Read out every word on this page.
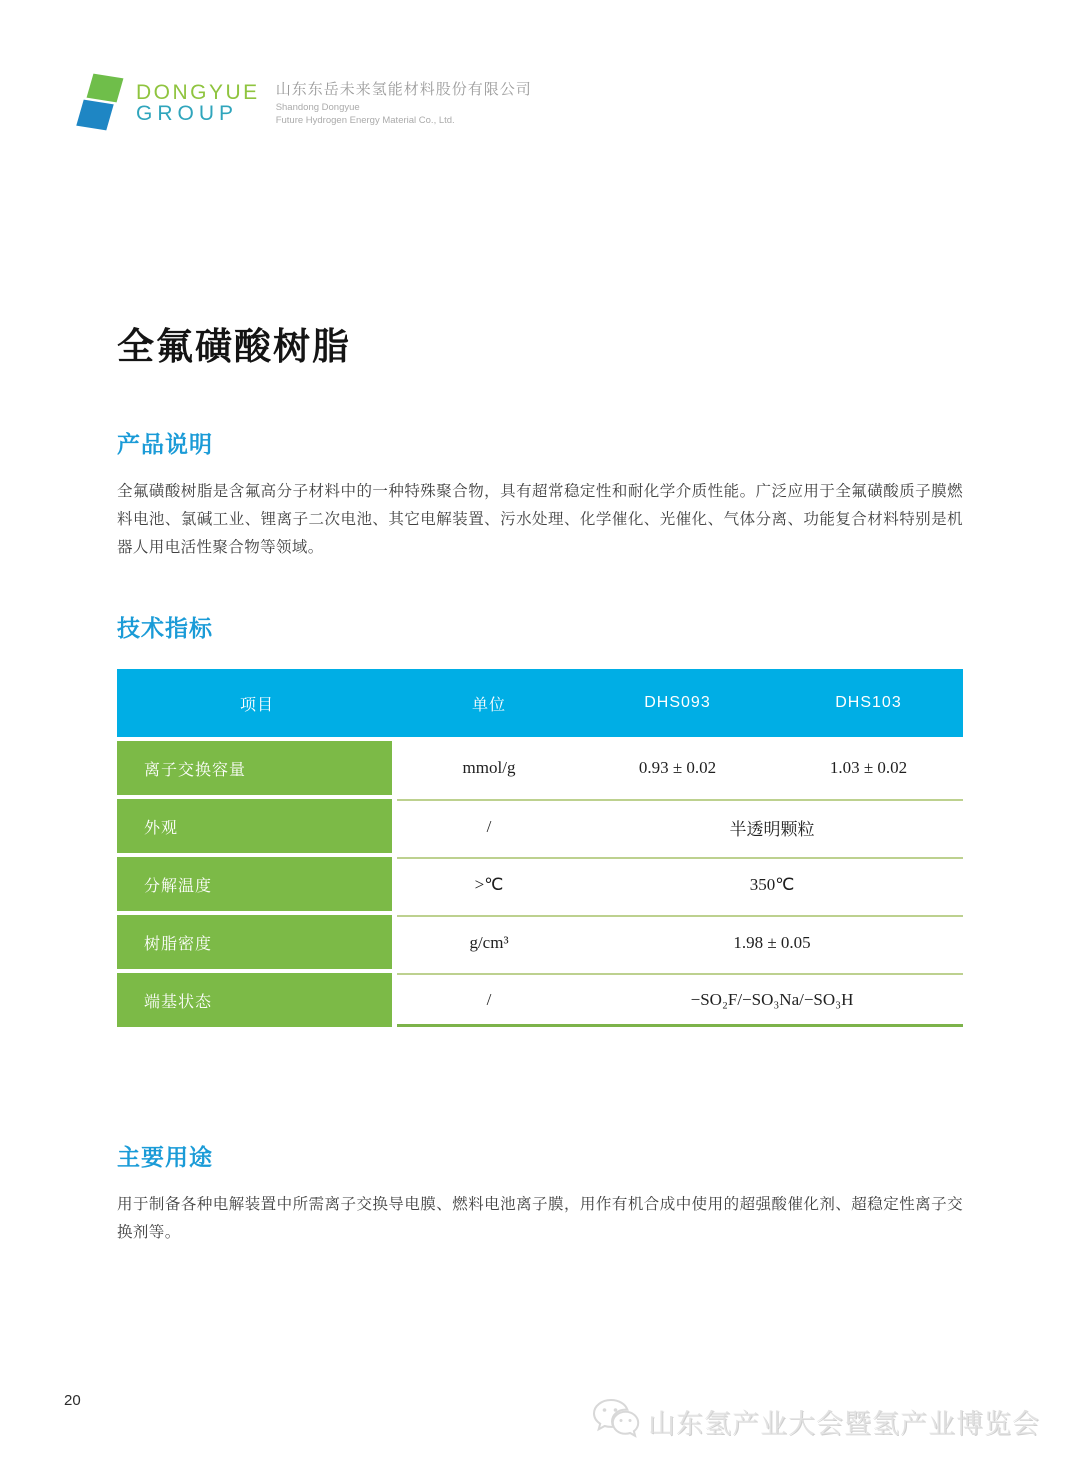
DONGYUE
GROUP
山东东岳未来氢能材料股份有限公司
Shandong Dongyue
Future Hydrogen Energy Material Co., Ltd.
全氟磺酸树脂
产品说明

全氟磺酸树脂是含氟高分子材料中的一种特殊聚合物，具有超常稳定性和耐化学介质性能。广泛应用于全氟磺酸质子膜燃料电池、氯碱工业、锂离子二次电池、其它电解装置、污水处理、化学催化、光催化、气体分离、功能复合材料特别是机器人用电活性聚合物等领域。

技术指标
项目	单位	DHS093	DHS103
离子交换容量	mmol/g	0.93 ± 0.02	1.03 ± 0.02
外观	/	半透明颗粒
分解温度	>℃	350℃
树脂密度	g/cm³	1.98 ± 0.05
端基状态	/	−SO₂F/−SO₃Na/−SO₃H
主要用途

用于制备各种电解装置中所需离子交换导电膜、燃料电池离子膜，用作有机合成中使用的超强酸催化剂、超稳定性离子交换剂等。

20
山东氢产业大会暨氢产业博览会
